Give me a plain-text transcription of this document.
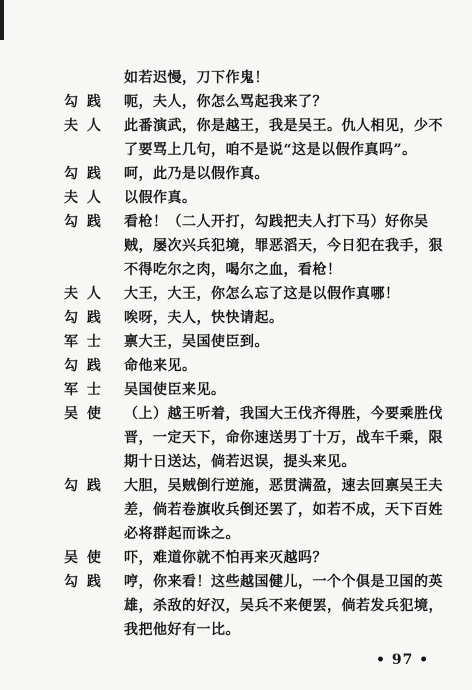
如若迟慢，刀下作鬼！
勾 践	呃，夫人，你怎么骂起我来了？
夫 人	此番演武，你是越王，我是吴王。仇人相见，少不
了要骂上几句，咱不是说“这是以假作真吗”。
勾 践	呵，此乃是以假作真。
夫 人	以假作真。
勾 践	看枪！（二人开打，勾践把夫人打下马）好你吴
贼，屡次兴兵犯境，罪恶滔天，今日犯在我手，狠
不得吃尔之肉，喝尔之血，看枪！
夫 人	大王，大王，你怎么忘了这是以假作真哪！
勾 践	唉呀，夫人，快快请起。
军 士	禀大王，吴国使臣到。
勾 践	命他来见。
军 士	吴国使臣来见。
吴 使	（上）越王听着，我国大王伐齐得胜，今要乘胜伐
晋，一定天下，命你速送男丁十万，战车千乘，限
期十日送达，倘若迟误，提头来见。
勾 践	大胆，吴贼倒行逆施，恶贯满盈，速去回禀吴王夫
差，倘若卷旗收兵倒还罢了，如若不成，天下百姓
必将群起而诛之。
吴 使	吓，难道你就不怕再来灭越吗？
勾 践	哼，你来看！这些越国健儿，一个个俱是卫国的英
雄，杀敌的好汉，吴兵不来便罢，倘若发兵犯境，
我把他好有一比。
• 97 •
